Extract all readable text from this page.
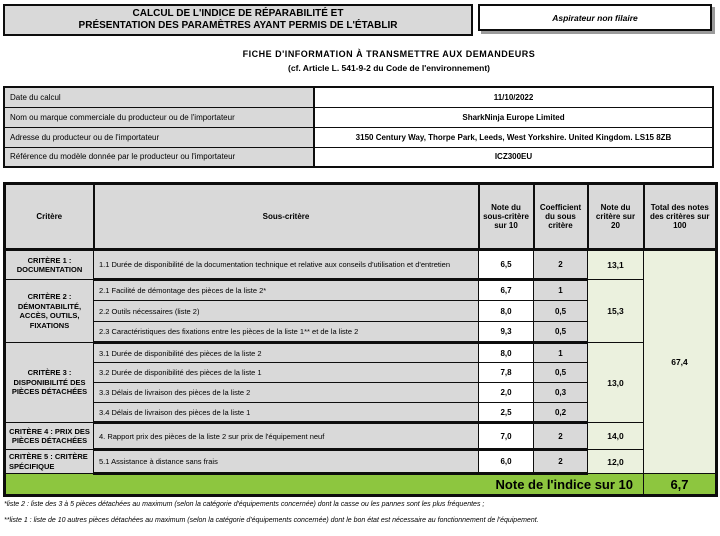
CALCUL DE L'INDICE DE RÉPARABILITÉ ET
PRÉSENTATION DES PARAMÈTRES AYANT PERMIS DE L'ÉTABLIR
Aspirateur non filaire
FICHE D'INFORMATION À TRANSMETTRE AUX DEMANDEURS
(cf. Article L. 541-9-2 du Code de l'environnement)
Date du calcul	11/10/2022
Nom ou marque commerciale du producteur ou de l'importateur	SharkNinja Europe Limited
Adresse du producteur ou de l'importateur	3150 Century Way, Thorpe Park, Leeds, West Yorkshire. United Kingdom. LS15 8ZB
Référence du modèle donnée par le producteur ou l'importateur	ICZ300EU
Critère	Sous-critère	Note du sous-critère sur 10	Coefficient du sous critère	Note du critère sur 20	Total des notes des critères sur 100
CRITÈRE 1 : DOCUMENTATION	1.1 Durée de disponibilité de la documentation technique et relative aux conseils d'utilisation et d'entretien	6,5	2	13,1	67,4
CRITÈRE 2 : DÉMONTABILITÉ, ACCÈS, OUTILS, FIXATIONS	2.1 Facilité de démontage des pièces de la liste 2*	6,7	1	15,3	
	2.2 Outils nécessaires (liste 2)	8,0	0,5		
	2.3 Caractéristiques des fixations entre les pièces de la liste 1** et de la liste 2	9,3	0,5		
CRITÈRE 3 : DISPONIBILITÉ DES PIÈCES DÉTACHÉES	3.1 Durée de disponibilité des pièces de la liste 2	8,0	1	13,0	
	3.2 Durée de disponibilité des pièces de la liste 1	7,8	0,5		
	3.3 Délais de livraison des pièces de la liste 2	2,0	0,3		
	3.4 Délais de livraison des pièces de la liste 1	2,5	0,2		
CRITÈRE 4 : PRIX DES PIÈCES DÉTACHÉES	4. Rapport prix des pièces de la liste 2 sur prix de l'équipement neuf	7,0	2	14,0	
CRITÈRE 5 : CRITÈRE SPÉCIFIQUE	5.1 Assistance à distance sans frais	6,0	2	12,0	
Note de l'indice sur 10					6,7
*liste 2 : liste des 3 à 5 pièces détachées au maximum (selon la catégorie d'équipements concernée) dont la casse ou les pannes sont les plus fréquentes ;
**liste 1 : liste de 10 autres pièces détachées au maximum (selon la catégorie d'équipements concernée) dont le bon état est nécessaire au fonctionnement de l'équipement.
